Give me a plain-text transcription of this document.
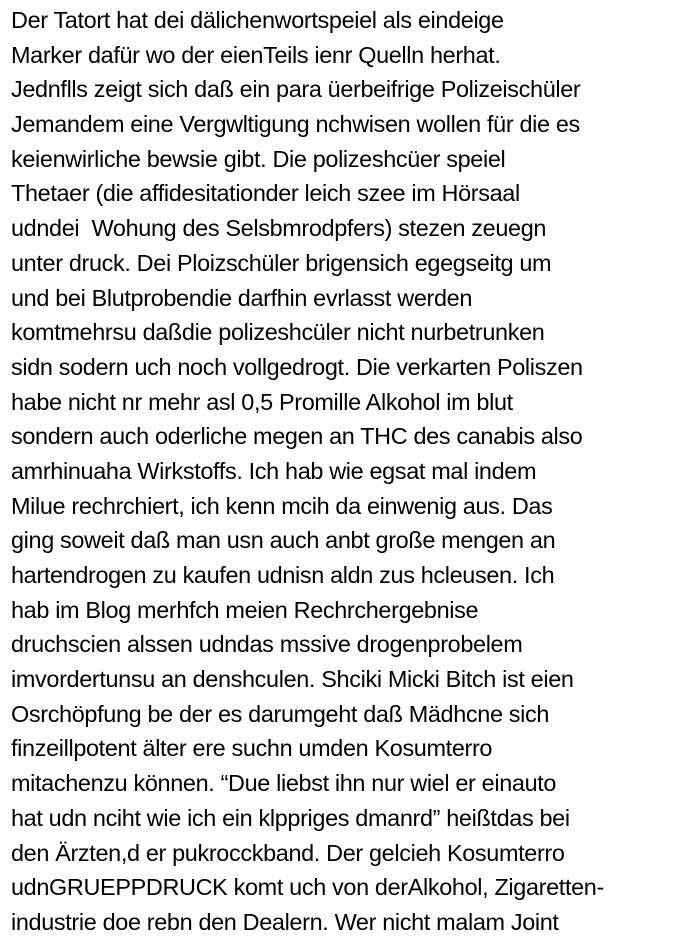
Der Tatort hat dei dälichenwortspeiel als eindeige
Marker dafür wo der eienTeils ienr Quelln herhat.
Jednflls zeigt sich daß ein para üerbeifrige Polizeischüler
Jemandem eine Vergwltigung nchwisen wollen für die es
keienwirliche bewsie gibt. Die polizeshcüer speiel
Thetaer (die affidesitationder leich szee im Hörsaal
udndei  Wohung des Selsbmrodpfers) stezen zeuegn
unter druck. Dei Ploizschüler brigensich egegseitg um
und bei Blutprobendie darfhin evrlasst werden
komtmehrsu daßdie polizeshcüler nicht nurbetrunken
sidn sodern uch noch vollgedrogt. Die verkarten Poliszen
habe nicht nr mehr asl 0,5 Promille Alkohol im blut
sondern auch oderliche megen an THC des canabis also
amrhinuaha Wirkstoffs. Ich hab wie egsat mal indem
Milue rechrchiert, ich kenn mcih da einwenig aus. Das
ging soweit daß man usn auch anbt große mengen an
hartendrogen zu kaufen udnisn aldn zus hcleusen. Ich
hab im Blog merhfch meien Rechrchergebnise
druchscien alssen udndas mssive drogenprobelem
imvordertunsu an denshculen. Shciki Micki Bitch ist eien
Osrchöpfung be der es darumgeht daß Mädhcne sich
finzeillpotent älter ere suchn umden Kosumterro
mitachenzu können. “Due liebst ihn nur wiel er einauto
hat udn nciht wie ich ein klppriges dmanrd” heißtdas bei
den Ärzten,d er pukrocckband. Der gelcieh Kosumterro
udnGRUEPPDRUCK komt uch von derAlkohol, Zigaretten-
industrie doe rebn den Dealern. Wer nicht malam Joint
